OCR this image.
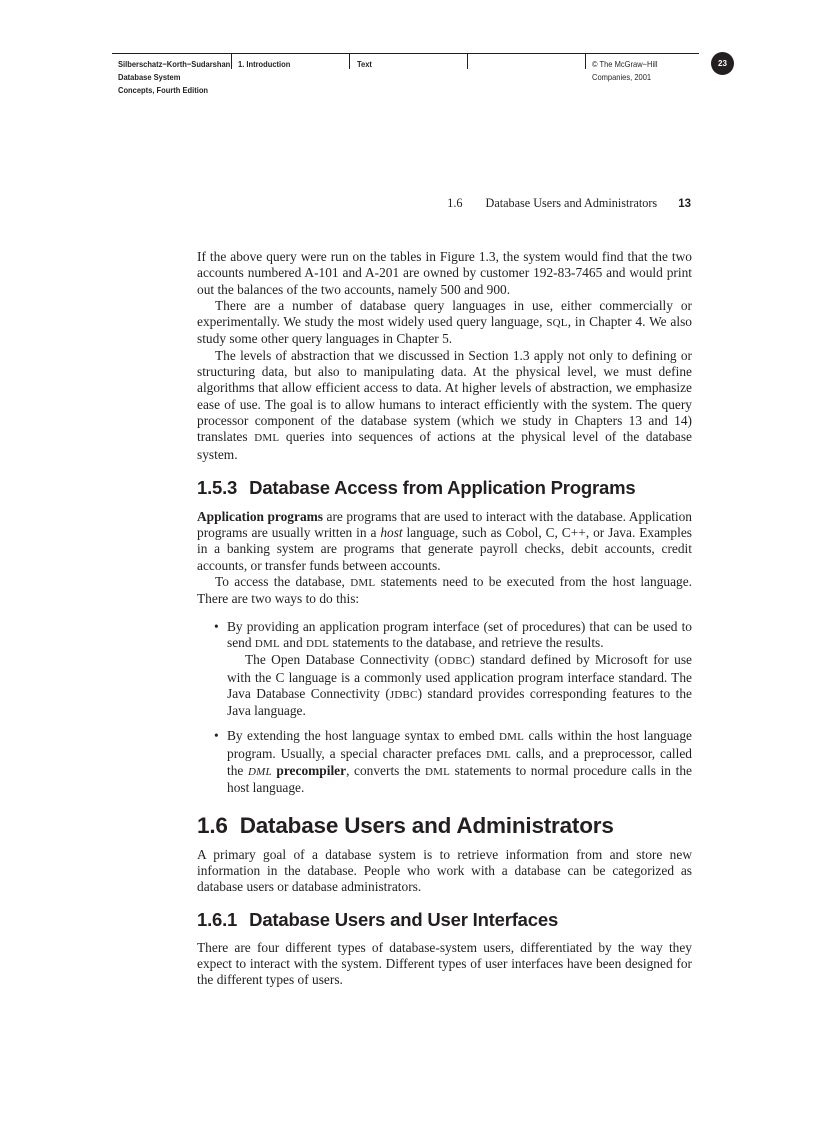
Silberschatz−Korth−Sudarshan:
Database System
Concepts, Fourth Edition
1. Introduction	Text	© The McGraw−Hill
Companies, 2001
23
1.6 Database Users and Administrators 13

If the above query were run on the tables in Figure 1.3, the system would find that the two accounts numbered A-101 and A-201 are owned by customer 192-83-7465 and would print out the balances of the two accounts, namely 500 and 900.

There are a number of database query languages in use, either commercially or experimentally. We study the most widely used query language, SQL, in Chapter 4. We also study some other query languages in Chapter 5.

The levels of abstraction that we discussed in Section 1.3 apply not only to defining or structuring data, but also to manipulating data. At the physical level, we must define algorithms that allow efficient access to data. At higher levels of abstraction, we emphasize ease of use. The goal is to allow humans to interact efficiently with the system. The query processor component of the database system (which we study in Chapters 13 and 14) translates DML queries into sequences of actions at the physical level of the database system.

1.5.3 Database Access from Application Programs

Application programs are programs that are used to interact with the database. Application programs are usually written in a host language, such as Cobol, C, C++, or Java. Examples in a banking system are programs that generate payroll checks, debit accounts, credit accounts, or transfer funds between accounts.

To access the database, DML statements need to be executed from the host language. There are two ways to do this:

• By providing an application program interface (set of procedures) that can be used to send DML and DDL statements to the database, and retrieve the results.

The Open Database Connectivity (ODBC) standard defined by Microsoft for use with the C language is a commonly used application program interface standard. The Java Database Connectivity (JDBC) standard provides corresponding features to the Java language.

• By extending the host language syntax to embed DML calls within the host language program. Usually, a special character prefaces DML calls, and a preprocessor, called the DML precompiler, converts the DML statements to normal procedure calls in the host language.

1.6 Database Users and Administrators

A primary goal of a database system is to retrieve information from and store new information in the database. People who work with a database can be categorized as database users or database administrators.

1.6.1 Database Users and User Interfaces

There are four different types of database-system users, differentiated by the way they expect to interact with the system. Different types of user interfaces have been designed for the different types of users.
